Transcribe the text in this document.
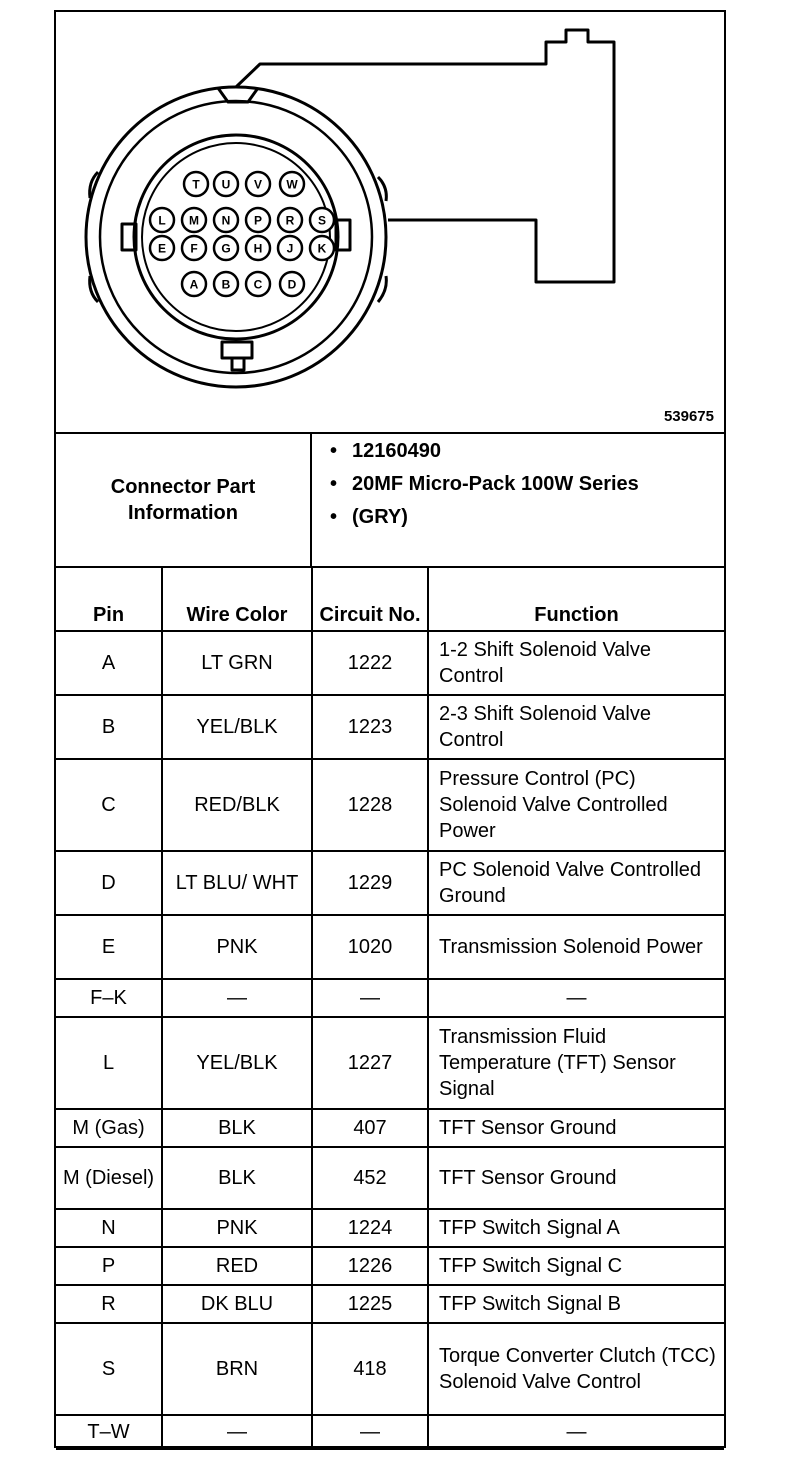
T U V W
L M N P R S
E F G H J K
A B C D
539675
Connector Part
Information
• 12160490
• 20MF Micro-Pack 100W Series
• (GRY)
Pin	Wire Color	Circuit No.	Function
A	LT GRN	1222	1-2 Shift Solenoid Valve Control
B	YEL/BLK	1223	2-3 Shift Solenoid Valve Control
C	RED/BLK	1228	Pressure Control (PC) Solenoid Valve Controlled Power
D	LT BLU/ WHT	1229	PC Solenoid Valve Controlled Ground
E	PNK	1020	Transmission Solenoid Power
F–K	—	—	—
L	YEL/BLK	1227	Transmission Fluid Temperature (TFT) Sensor Signal
M (Gas)	BLK	407	TFT Sensor Ground
M (Diesel)	BLK	452	TFT Sensor Ground
N	PNK	1224	TFP Switch Signal A
P	RED	1226	TFP Switch Signal C
R	DK BLU	1225	TFP Switch Signal B
S	BRN	418	Torque Converter Clutch (TCC) Solenoid Valve Control
T–W	—	—	—
